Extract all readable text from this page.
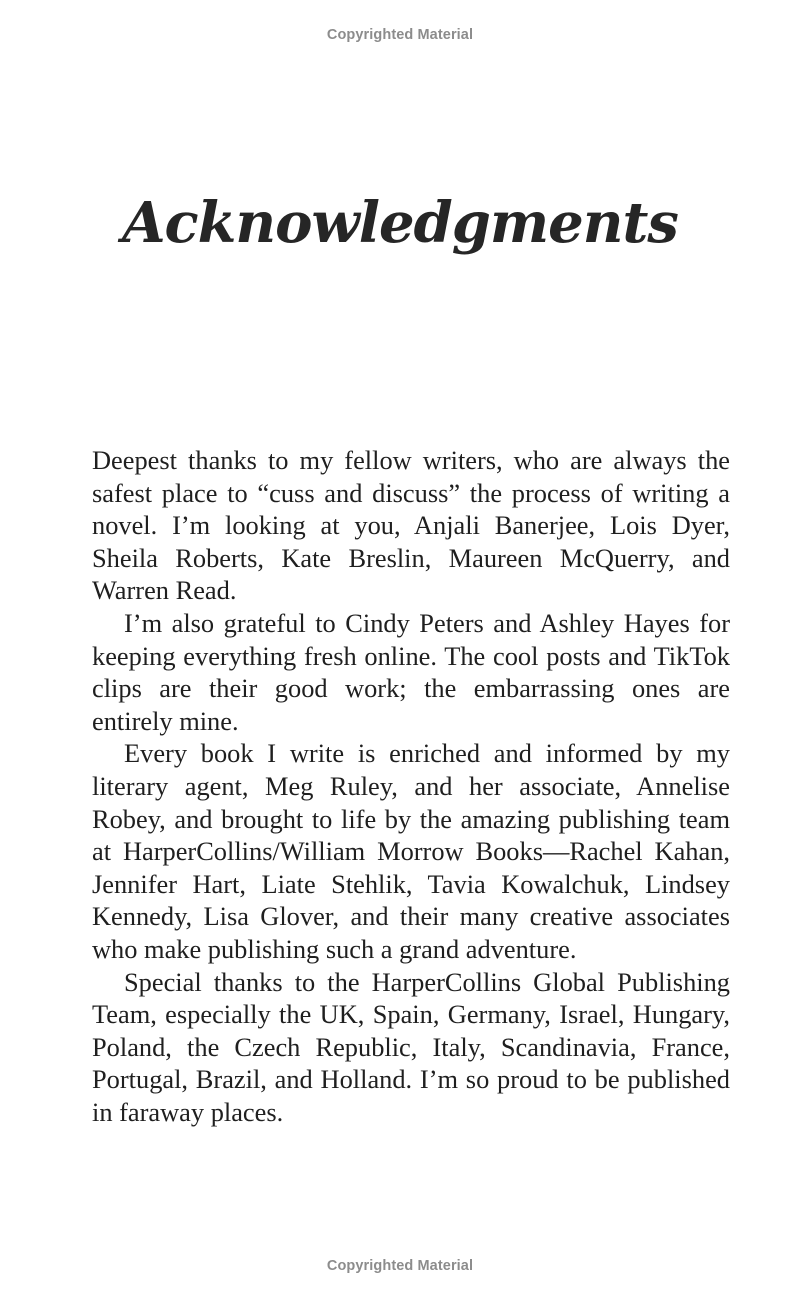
Copyrighted Material
Acknowledgments

Deepest thanks to my fellow writers, who are always the safest place to “cuss and discuss” the process of writing a novel. I’m looking at you, Anjali Banerjee, Lois Dyer, Sheila Roberts, Kate Breslin, Maureen McQuerry, and Warren Read.

I’m also grateful to Cindy Peters and Ashley Hayes for keeping everything fresh online. The cool posts and TikTok clips are their good work; the embarrassing ones are entirely mine.

Every book I write is enriched and informed by my literary agent, Meg Ruley, and her associate, Annelise Robey, and brought to life by the amazing publishing team at HarperCollins/William Morrow Books—Rachel Kahan, Jennifer Hart, Liate Stehlik, Tavia Kowalchuk, Lindsey Kennedy, Lisa Glover, and their many creative associates who make publishing such a grand adventure.

Special thanks to the HarperCollins Global Publishing Team, especially the UK, Spain, Germany, Israel, Hungary, Poland, the Czech Republic, Italy, Scandinavia, France, Portugal, Brazil, and Holland. I’m so proud to be published in faraway places.

Copyrighted Material
